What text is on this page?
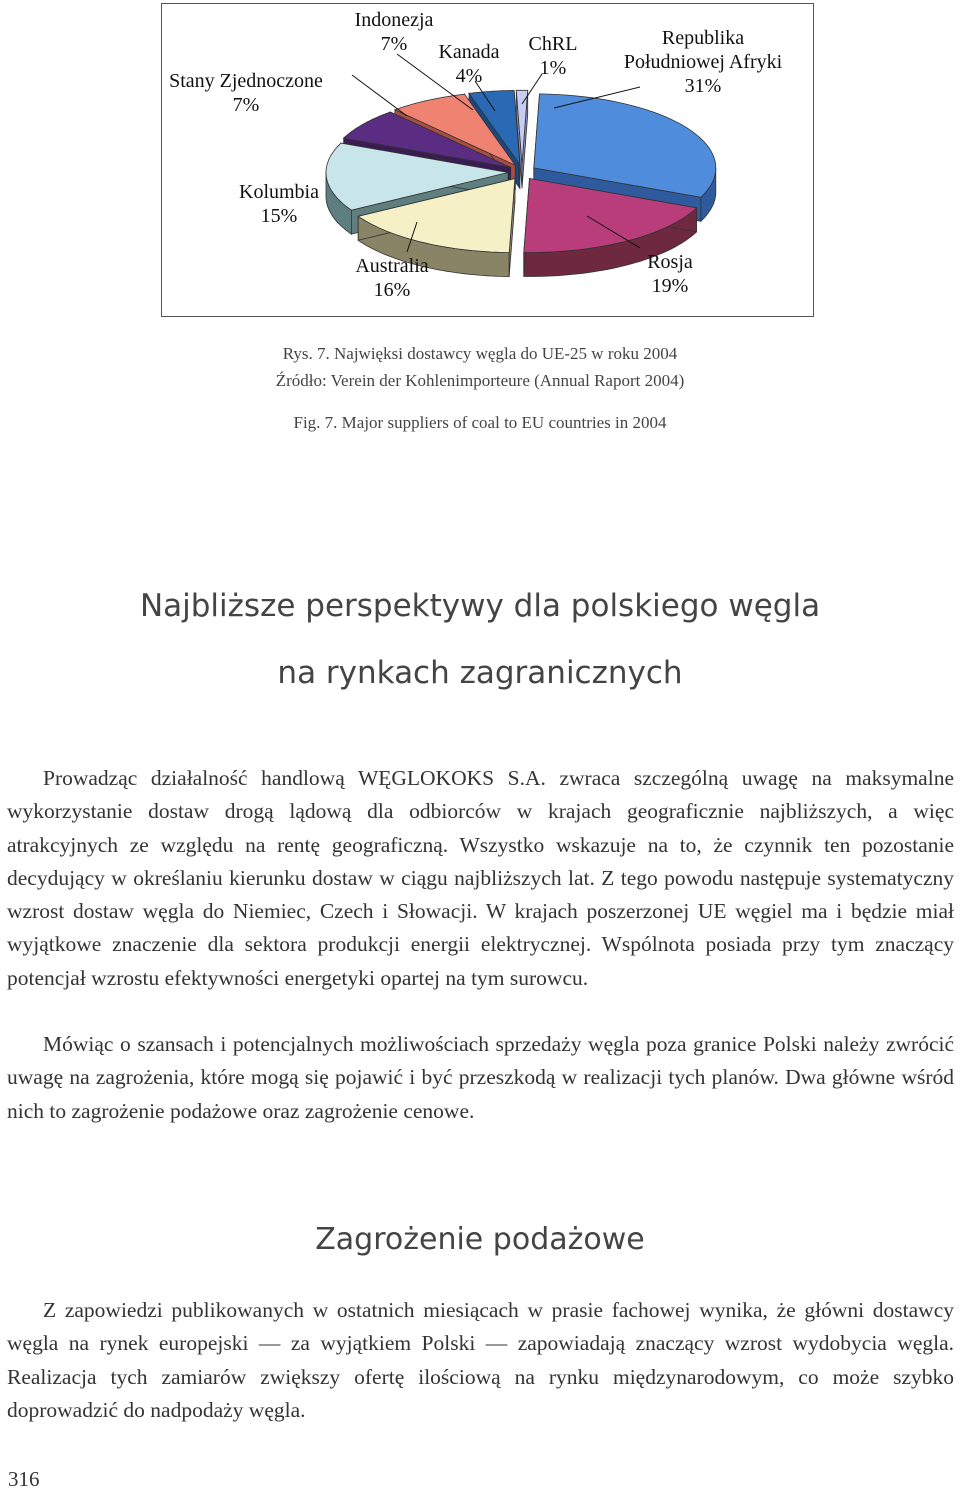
Republika Południowej Afryki 31%
Rosja 19%
Australia 16%
Kolumbia 15%
Stany Zjednoczone 7%
Indonezja 7%	Kanada 4%
ChRL 1%
Rys. 7. Najwięksi dostawcy węgla do UE-25 w roku 2004
Źródło: Verein der Kohlenimporteure (Annual Raport 2004)
Fig. 7. Major suppliers of coal to EU countries in 2004
Najbliższe perspektywy dla polskiego węgla
na rynkach zagranicznych

Prowadząc działalność handlową WĘGLOKOKS S.A. zwraca szczególną uwagę na maksymalne wykorzystanie dostaw drogą lądową dla odbiorców w krajach geograficznie najbliższych, a więc atrakcyjnych ze względu na rentę geograficzną. Wszystko wskazuje na to, że czynnik ten pozostanie decydujący w określaniu kierunku dostaw w ciągu najbliższych lat. Z tego powodu następuje systematyczny wzrost dostaw węgla do Niemiec, Czech i Słowacji. W krajach poszerzonej UE węgiel ma i będzie miał wyjątkowe znaczenie dla sektora produkcji energii elektrycznej. Wspólnota posiada przy tym znaczący potencjał wzrostu efektywności energetyki opartej na tym surowcu.

Mówiąc o szansach i potencjalnych możliwościach sprzedaży węgla poza granice Polski należy zwrócić uwagę na zagrożenia, które mogą się pojawić i być przeszkodą w realizacji tych planów. Dwa główne wśród nich to zagrożenie podażowe oraz zagrożenie cenowe.

Zagrożenie podażowe

Z zapowiedzi publikowanych w ostatnich miesiącach w prasie fachowej wynika, że główni dostawcy węgla na rynek europejski — za wyjątkiem Polski — zapowiadają znaczący wzrost wydobycia węgla. Realizacja tych zamiarów zwiększy ofertę ilościową na rynku międzynarodowym, co może szybko doprowadzić do nadpodaży węgla.

316
